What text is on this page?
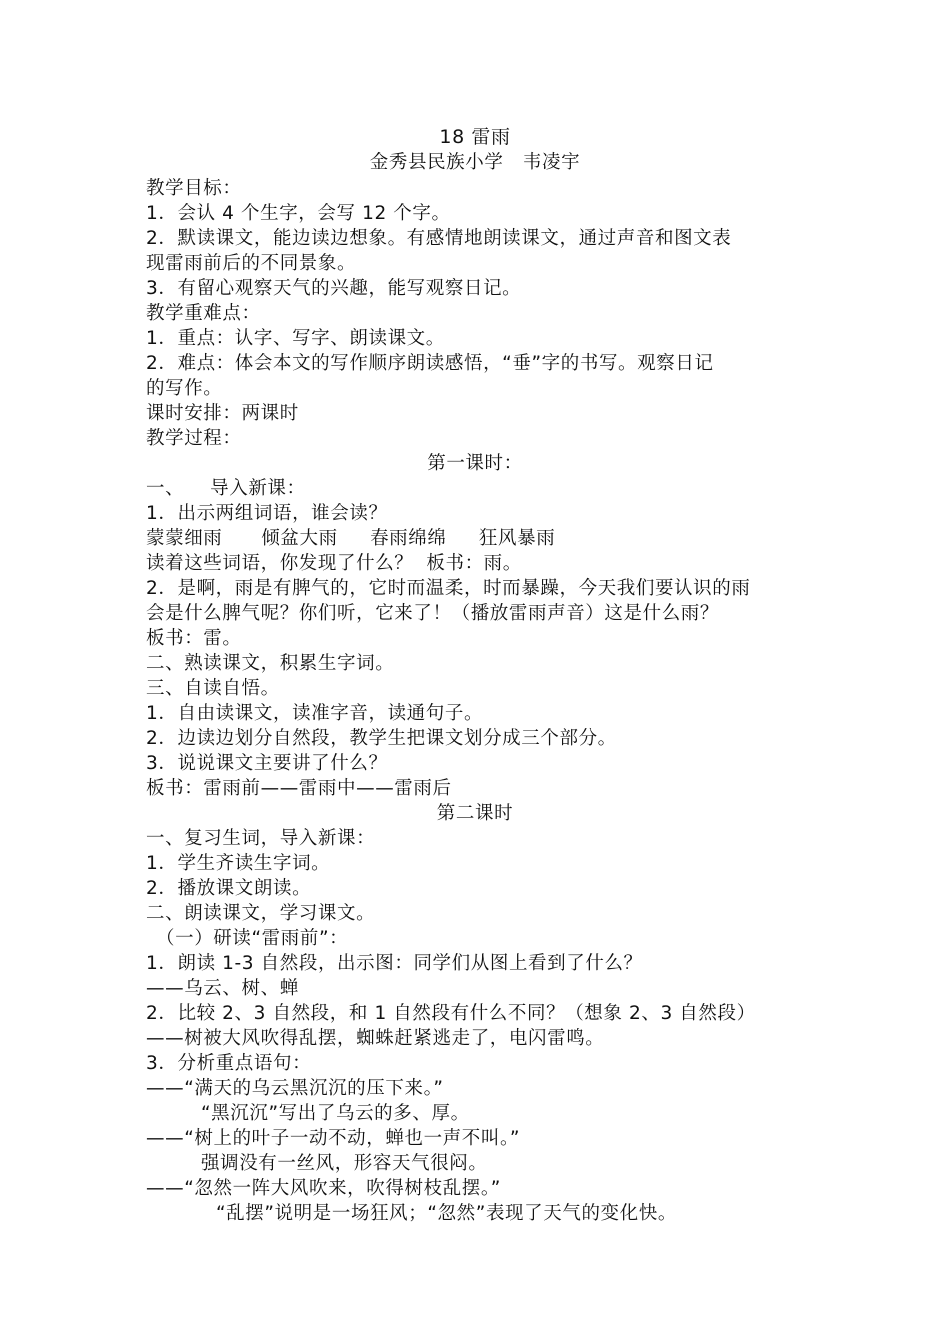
18 雷雨
金秀县民族小学   韦凌宇
教学目标：
1．会认 4 个生字，会写 12 个字。
2．默读课文，能边读边想象。有感情地朗读课文，通过声音和图文表
现雷雨前后的不同景象。
3．有留心观察天气的兴趣，能写观察日记。
教学重难点：
1．重点：认字、写字、朗读课文。
2．难点：体会本文的写作顺序朗读感悟，“垂”字的书写。观察日记
的写作。
课时安排：两课时
教学过程：
第一课时：
一、    导入新课：
1．出示两组词语，谁会读？
蒙蒙细雨      倾盆大雨     春雨绵绵     狂风暴雨
读着这些词语，你发现了什么？  板书：雨。
2．是啊，雨是有脾气的，它时而温柔，时而暴躁，今天我们要认识的雨
会是什么脾气呢？你们听，它来了！（播放雷雨声音）这是什么雨？
板书：雷。
二、熟读课文，积累生字词。
三、自读自悟。
1．自由读课文，读准字音，读通句子。
2．边读边划分自然段，教学生把课文划分成三个部分。
3．说说课文主要讲了什么？
板书：雷雨前——雷雨中——雷雨后
第二课时
一、复习生词，导入新课：
1．学生齐读生字词。
2．播放课文朗读。
二、朗读课文，学习课文。
（一）研读“雷雨前”：
1．朗读 1-3 自然段，出示图：同学们从图上看到了什么？
——乌云、树、蝉
2．比较 2、3 自然段，和 1 自然段有什么不同？（想象 2、3 自然段）
——树被大风吹得乱摆，蜘蛛赶紧逃走了，电闪雷鸣。
3．分析重点语句：
——“满天的乌云黑沉沉的压下来。”
“黑沉沉”写出了乌云的多、厚。
——“树上的叶子一动不动，蝉也一声不叫。”
强调没有一丝风，形容天气很闷。
——“忽然一阵大风吹来，吹得树枝乱摆。”
“乱摆”说明是一场狂风；“忽然”表现了天气的变化快。
